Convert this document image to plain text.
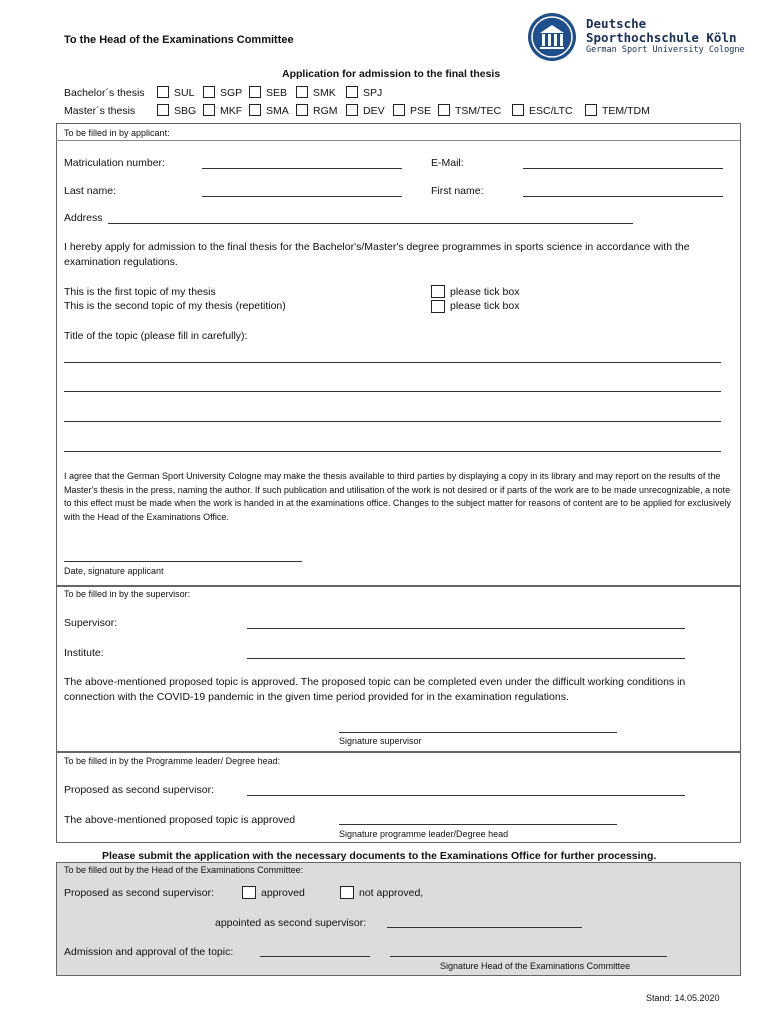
To the Head of the Examinations Committee
Deutsche
Sporthochschule Köln
German Sport University Cologne
Application for admission to the final thesis
Bachelor´s thesis	SUL SGP SEB SMK	SPJ
Master´s thesis	SBG MKF SMA RGM DEV PSE TSM/TEC	ESC/LTC	TEM/TDM
To be filled in by applicant:
Matriculation number:	E-Mail:
Last name:	First name:
Address
I hereby apply for admission to the final thesis for the Bachelor's/Master's degree programmes in sports science in accordance with the examination regulations.
This is the first topic of my thesis	please tick box
This is the second topic of my thesis (repetition)	please tick box
Title of the topic (please fill in carefully):
I agree that the German Sport University Cologne may make the thesis available to third parties by displaying a copy in its library and may report on the results of the Master's thesis in the press, naming the author. If such publication and utilisation of the work is not desired or if parts of the work are to be made unrecognizable, a note to this effect must be made when the work is handed in at the examinations office. Changes to the subject matter for reasons of content are to be applied for exclusively with the Head of the Examinations Office.
Date, signature applicant
To be filled in by the supervisor:
Supervisor:
Institute:
The above-mentioned proposed topic is approved. The proposed topic can be completed even under the difficult working conditions in connection with the COVID-19 pandemic in the given time period provided for in the examination regulations.
Signature supervisor
To be filled in by the Programme leader/ Degree head:
Proposed as second supervisor:
The above-mentioned proposed topic is approved
Signature programme leader/Degree head
Please submit the application with the necessary documents to the Examinations Office for further processing.
To be filled out by the Head of the Examinations Committee:
Proposed as second supervisor:	approved	not approved,
appointed as second supervisor:
Admission and approval of the topic:
Signature Head of the Examinations Committee
Stand: 14.05.2020
